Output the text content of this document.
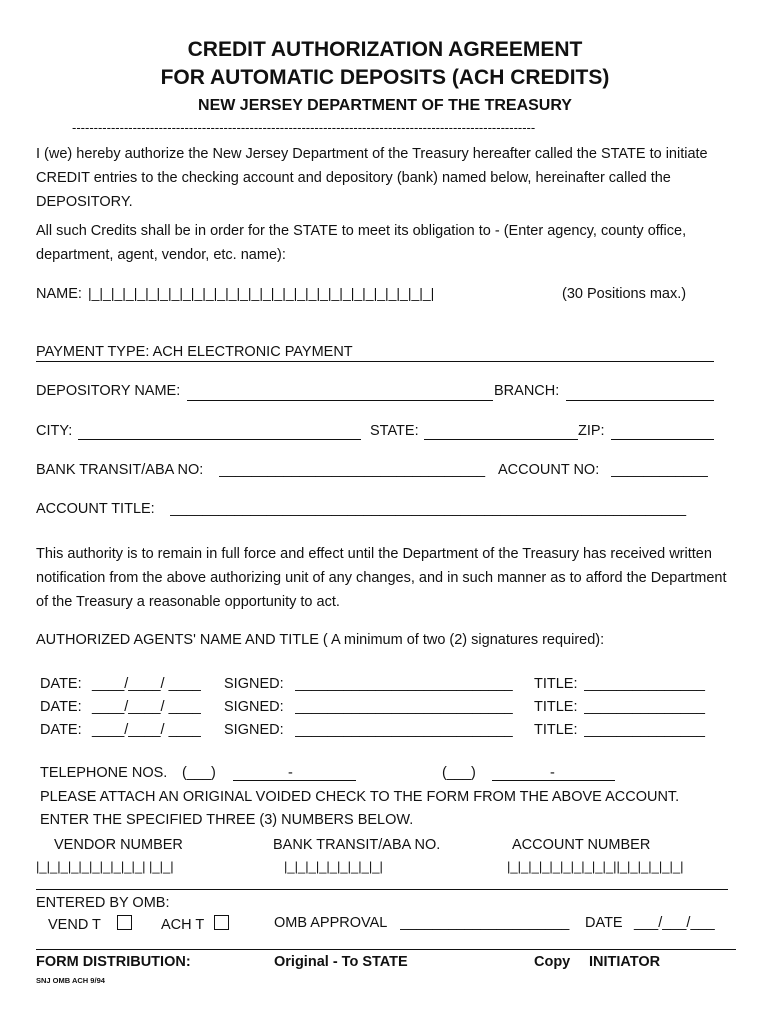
CREDIT AUTHORIZATION AGREEMENT
FOR AUTOMATIC DEPOSITS (ACH CREDITS)
NEW JERSEY DEPARTMENT OF THE TREASURY
-----------------------------------------------------------------------------------------------------------
I (we) hereby authorize the New Jersey Department of the Treasury hereafter called the STATE to initiate CREDIT entries to the checking account and depository (bank) named below, hereinafter called the DEPOSITORY.
All such Credits shall be in order for the STATE to meet its obligation to - (Enter agency, county office, department, agent, vendor, etc. name):
NAME: |_|_|_|_|_|_|_|_|_|_|_|_|_|_|_|_|_|_|_|_|_|_|_|_|_|_|_|_|_|_|	(30 Positions max.)
PAYMENT TYPE: ACH ELECTRONIC PAYMENT
DEPOSITORY NAME:	BRANCH:
CITY:	STATE:	ZIP:
BANK TRANSIT/ABA NO: _________________________________ ACCOUNT NO: ____________
ACCOUNT TITLE: ________________________________________________________________
This authority is to remain in full force and effect until the Department of the Treasury has received written notification from the above authorizing unit of any changes, and in such manner as to afford the Department of the Treasury a reasonable opportunity to act.
AUTHORIZED AGENTS' NAME AND TITLE ( A minimum of two (2) signatures required):
DATE: ____/____/ ____ SIGNED: ___________________________	TITLE: _______________
DATE: ____/____/ ____ SIGNED: ___________________________	TITLE: _______________
DATE: ____/____/ ____ SIGNED: ___________________________	TITLE: _______________
TELEPHONE NOS. (___)	-	(___)	-
PLEASE ATTACH AN ORIGINAL VOIDED CHECK TO THE FORM FROM THE ABOVE ACCOUNT.
ENTER THE SPECIFIED THREE (3) NUMBERS BELOW.
VENDOR NUMBER	BANK TRANSIT/ABA NO.	ACCOUNT NUMBER
|_|_|_|_|_|_|_|_|_|_| |_|_|	|_|_|_|_|_|_|_|_|_|	|_|_|_|_|_|_|_|_|_|_||_|_|_|_|_|_|
ENTERED BY OMB:
VEND T	ACH T	OMB APPROVAL _____________________	DATE ___/___/___
FORM DISTRIBUTION:	Original - To STATE	Copy INITIATOR
SNJ OMB ACH 9/94
